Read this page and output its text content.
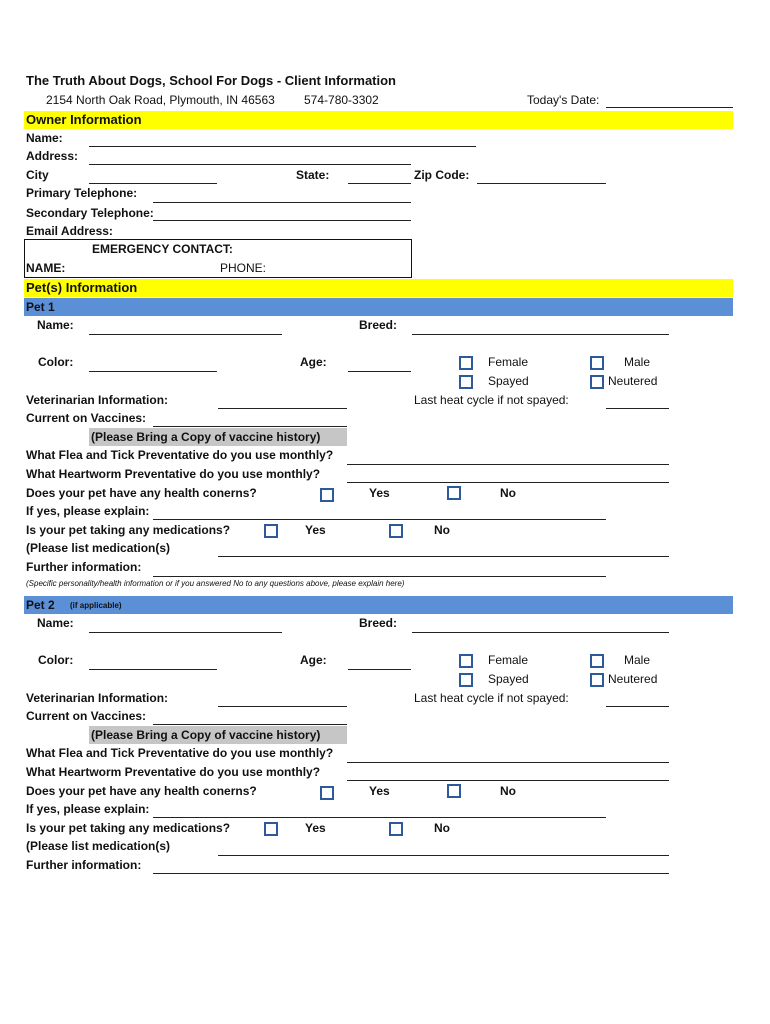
The Truth About Dogs, School For Dogs - Client Information
2154 North Oak Road, Plymouth, IN 46563 574-780-3302	Today's Date:
Owner Information
Name:
Address:
City	State:	Zip Code:
Primary Telephone:
Secondary Telephone:
Email Address:
EMERGENCY CONTACT:
NAME:	PHONE:
Pet(s) Information
Pet 1
Name:	Breed:
Color:	Age:	Female	Male
Spayed	Neutered
Veterinarian Information:	Last heat cycle if not spayed:
Current on Vaccines:
(Please Bring a Copy of vaccine history)
What Flea and Tick Preventative do you use monthly?
What Heartworm Preventative do you use monthly?
Does your pet have any health conerns?	Yes	No
If yes, please explain:
Is your pet taking any medications?	Yes	No
(Please list medication(s)
Further information:
(Specific personality/health information or if you answered No to any questions above, please explain here)
Pet 2 (if applicable)
Name:	Breed:
Color:	Age:	Female	Male
Spayed	Neutered
Veterinarian Information:	Last heat cycle if not spayed:
Current on Vaccines:
(Please Bring a Copy of vaccine history)
What Flea and Tick Preventative do you use monthly?
What Heartworm Preventative do you use monthly?
Does your pet have any health conerns?	Yes	No
If yes, please explain:
Is your pet taking any medications?	Yes	No
(Please list medication(s)
Further information:
